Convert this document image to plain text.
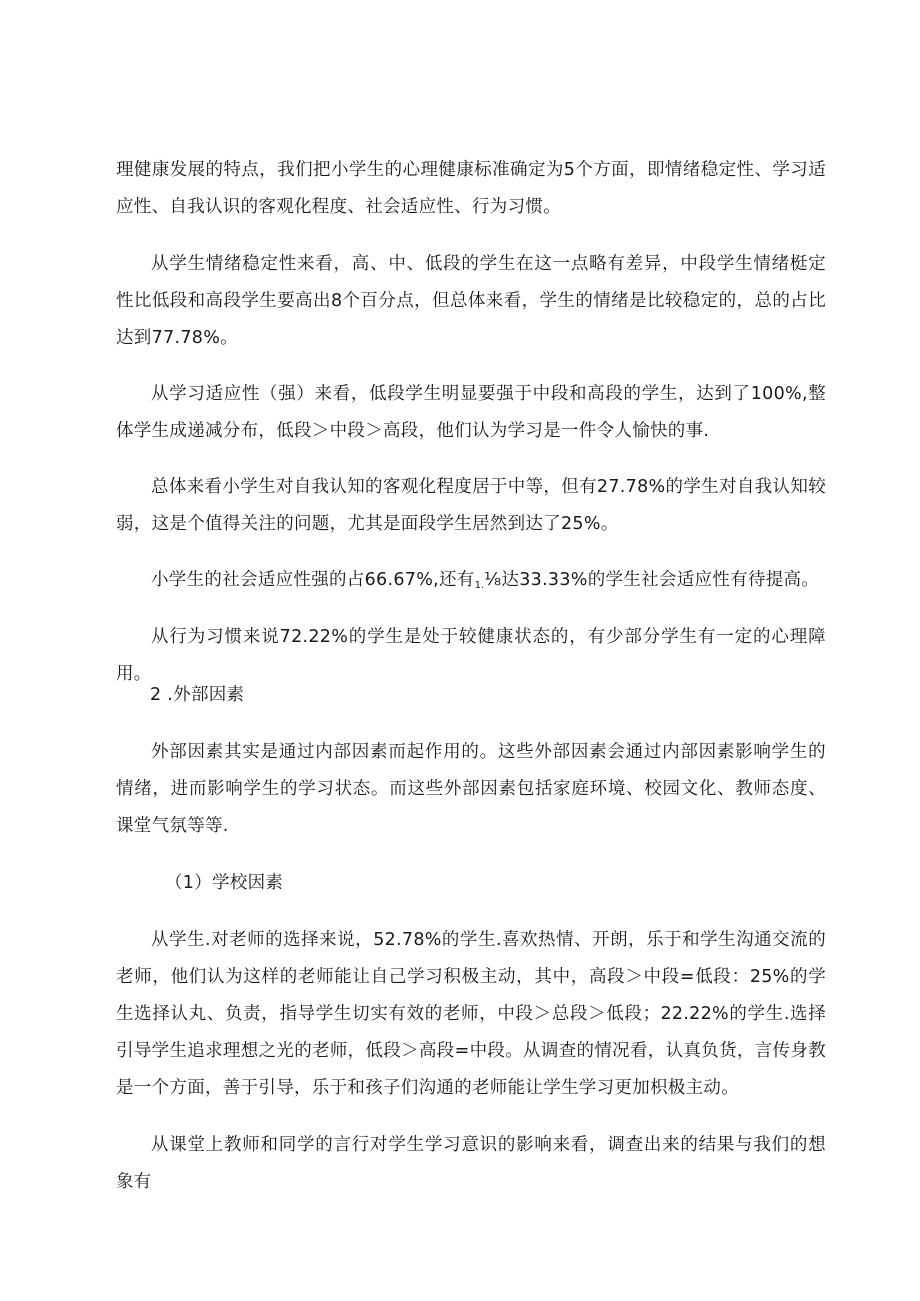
理健康发展的特点，我们把小学生的心理健康标准确定为5个方面，即情绪稳定性、学习适应性、自我认识的客观化程度、社会适应性、行为习惯。

从学生情绪稳定性来看，高、中、低段的学生在这一点略有差异，中段学生情绪梃定性比低段和高段学生要高出8个百分点，但总体来看，学生的情绪是比较稳定的，总的占比达到77.78%。

从学习适应性（强）来看，低段学生明显要强于中段和高段的学生，达到了100%,整体学生成递减分布，低段＞中段＞高段，他们认为学习是一件令人愉快的事.

总体来看小学生对自我认知的客观化程度居于中等，但有27.78%的学生对自我认知较弱，这是个值得关注的问题，尤其是面段学生居然到达了25%。

小学生的社会适应性强的占66.67%,还有$_{1.}$⅛达33.33%的学生社会适应性有待提高。

从行为习惯来说72.22%的学生是处于较健康状态的，有少部分学生有一定的心理障用。

2 .外部因素

外部因素其实是通过内部因素而起作用的。这些外部因素会通过内部因素影响学生的情绪，进而影响学生的学习状态。而这些外部因素包括家庭环境、校园文化、教师态度、课堂气氛等等.

（1）学校因素

从学生.对老师的选择来说，52.78%的学生.喜欢热情、开朗，乐于和学生沟通交流的老师，他们认为这样的老师能让自己学习积极主动，其中，高段＞中段=低段：25%的学生选择认丸、负责，指导学生切实有效的老师，中段＞总段＞低段；22.22%的学生.选择引导学生追求理想之光的老师，低段＞高段=中段。从调查的情况看，认真负货，言传身教是一个方面，善于引导，乐于和孩子们沟通的老师能让学生学习更加枳极主动。

从课堂上教师和同学的言行对学生学习意识的影响来看，调查出来的结果与我们的想象有
